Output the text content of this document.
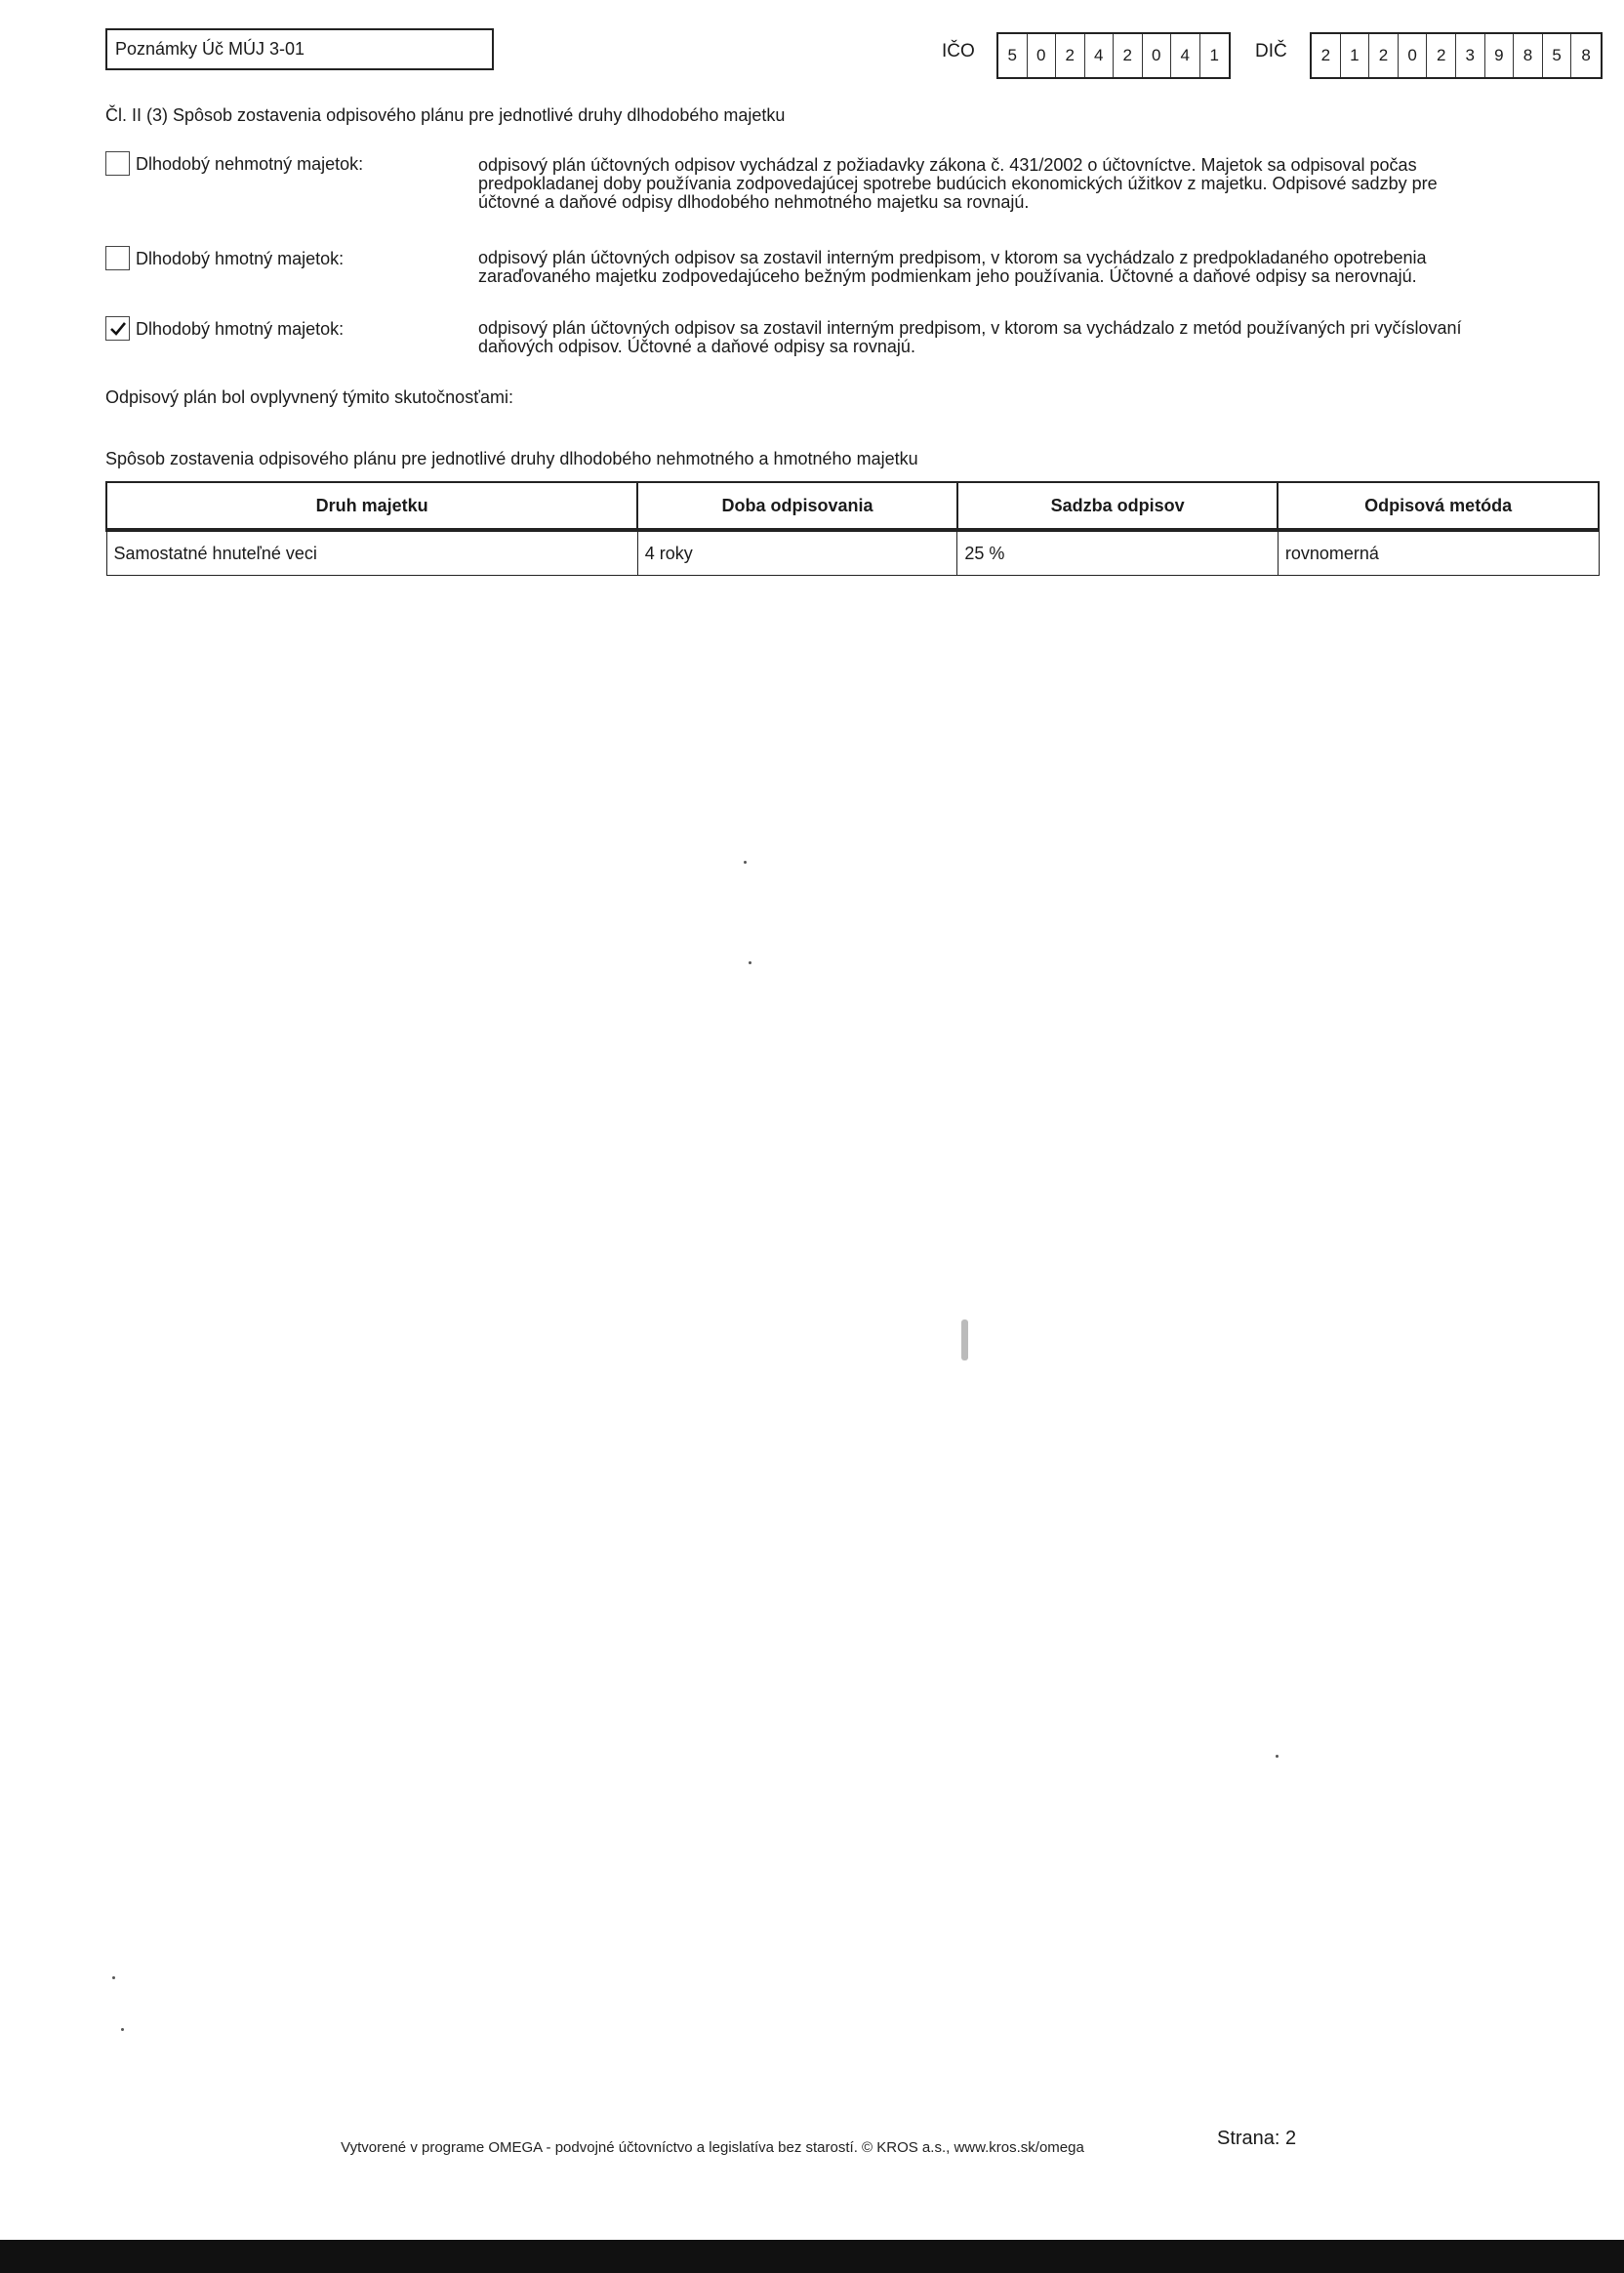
Poznámky Úč MÚJ 3-01	IČO	5	0	2	4	2	0	4	1	DIČ	2	1	2	0	2	3	9	8	5	8
Čl. II (3) Spôsob zostavenia odpisového plánu pre jednotlivé druhy dlhodobého majetku
Dlhodobý nehmotný majetok:	odpisový plán účtovných odpisov vychádzal z požiadavky zákona č. 431/2002 o účtovníctve. Majetok sa odpisoval počas
predpokladanej doby používania zodpovedajúcej spotrebe budúcich ekonomických úžitkov z majetku. Odpisové sadzby pre
účtovné a daňové odpisy dlhodobého nehmotného majetku sa rovnajú.
Dlhodobý hmotný majetok:	odpisový plán účtovných odpisov sa zostavil interným predpisom, v ktorom sa vychádzalo z predpokladaného opotrebenia
zaraďovaného majetku zodpovedajúceho bežným podmienkam jeho používania. Účtovné a daňové odpisy sa nerovnajú.
Dlhodobý hmotný majetok:	odpisový plán účtovných odpisov sa zostavil interným predpisom, v ktorom sa vychádzalo z metód používaných pri vyčíslovaní
daňových odpisov. Účtovné a daňové odpisy sa rovnajú.
Odpisový plán bol ovplyvnený týmito skutočnosťami:
Spôsob zostavenia odpisového plánu pre jednotlivé druhy dlhodobého nehmotného a hmotného majetku
Druh majetku	Doba odpisovania	Sadzba odpisov	Odpisová metóda
Samostatné hnuteľné veci	4 roky	25 %	rovnomerná
Vytvorené v programe OMEGA - podvojné účtovníctvo a legislatíva bez starostí. © KROS a.s., www.kros.sk/omega	Strana: 2
